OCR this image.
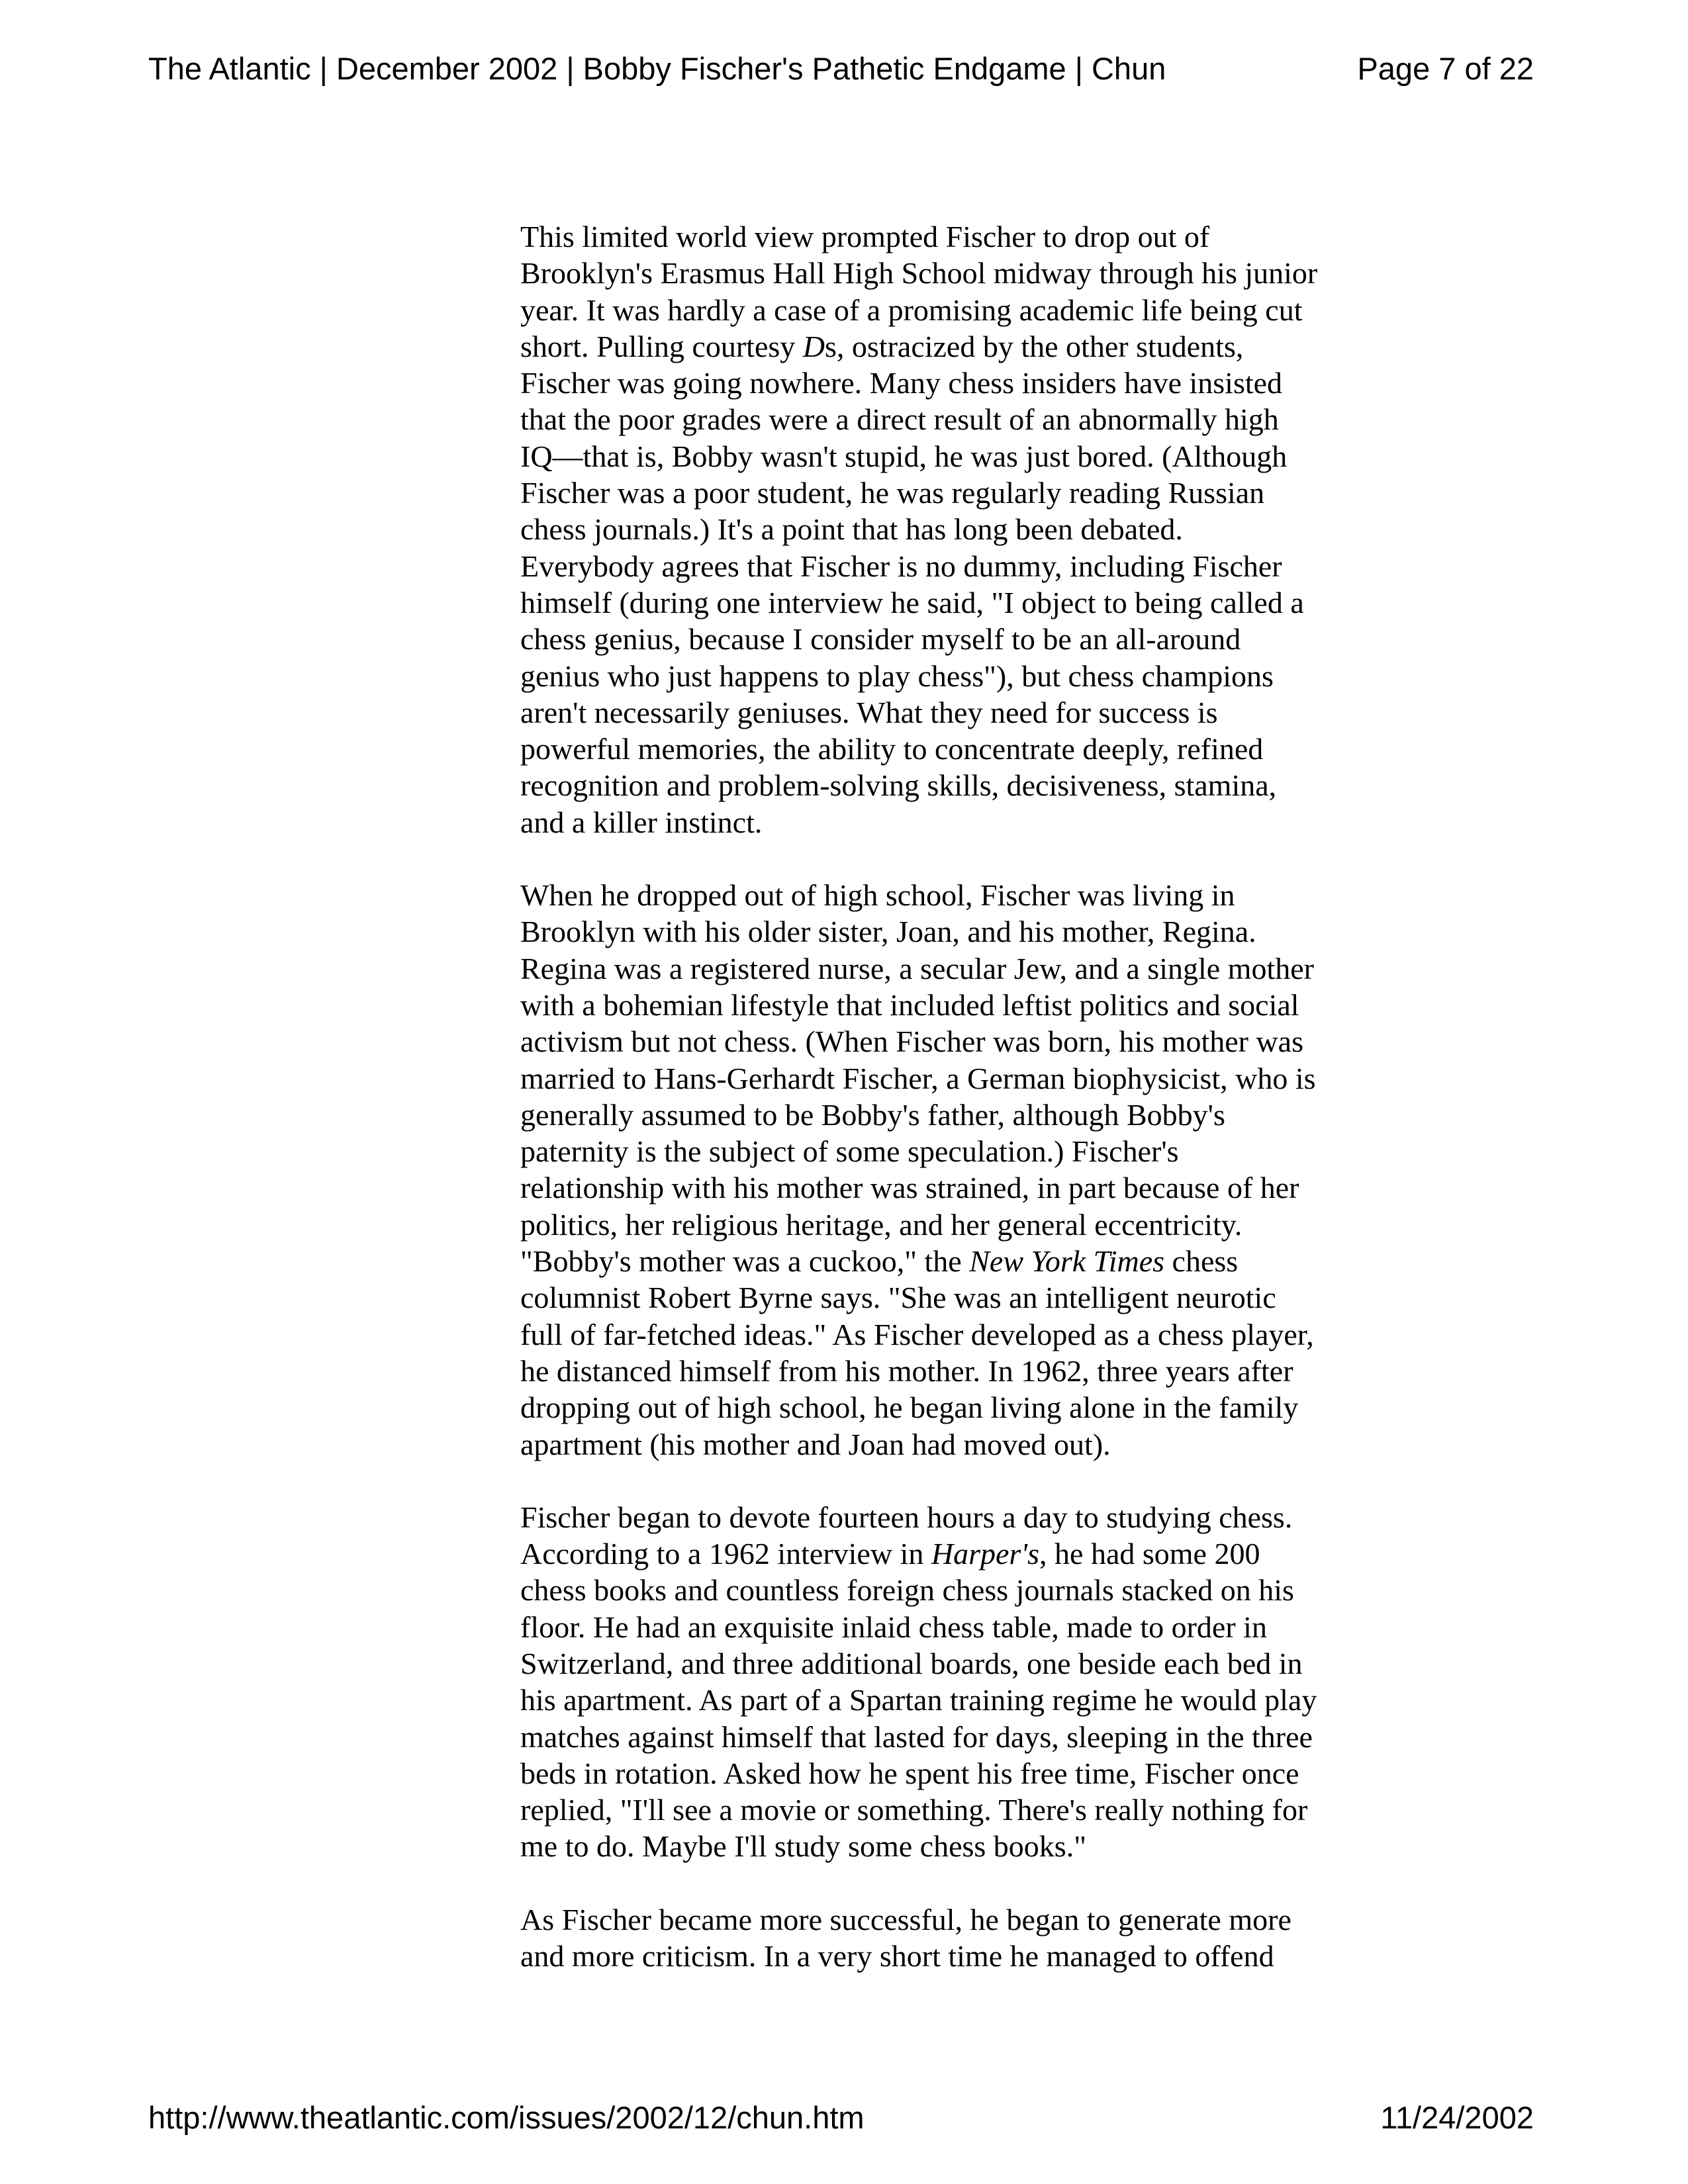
The Atlantic | December 2002 | Bobby Fischer's Pathetic Endgame | Chun	Page 7 of 22

This limited world view prompted Fischer to drop out of
Brooklyn's Erasmus Hall High School midway through his junior
year. It was hardly a case of a promising academic life being cut
short. Pulling courtesy Ds, ostracized by the other students,
Fischer was going nowhere. Many chess insiders have insisted
that the poor grades were a direct result of an abnormally high
IQ—that is, Bobby wasn't stupid, he was just bored. (Although
Fischer was a poor student, he was regularly reading Russian
chess journals.) It's a point that has long been debated.
Everybody agrees that Fischer is no dummy, including Fischer
himself (during one interview he said, "I object to being called a
chess genius, because I consider myself to be an all-around
genius who just happens to play chess"), but chess champions
aren't necessarily geniuses. What they need for success is
powerful memories, the ability to concentrate deeply, refined
recognition and problem-solving skills, decisiveness, stamina,
and a killer instinct.

When he dropped out of high school, Fischer was living in
Brooklyn with his older sister, Joan, and his mother, Regina.
Regina was a registered nurse, a secular Jew, and a single mother
with a bohemian lifestyle that included leftist politics and social
activism but not chess. (When Fischer was born, his mother was
married to Hans-Gerhardt Fischer, a German biophysicist, who is
generally assumed to be Bobby's father, although Bobby's
paternity is the subject of some speculation.) Fischer's
relationship with his mother was strained, in part because of her
politics, her religious heritage, and her general eccentricity.
"Bobby's mother was a cuckoo," the New York Times chess
columnist Robert Byrne says. "She was an intelligent neurotic
full of far-fetched ideas." As Fischer developed as a chess player,
he distanced himself from his mother. In 1962, three years after
dropping out of high school, he began living alone in the family
apartment (his mother and Joan had moved out).

Fischer began to devote fourteen hours a day to studying chess.
According to a 1962 interview in Harper's, he had some 200
chess books and countless foreign chess journals stacked on his
floor. He had an exquisite inlaid chess table, made to order in
Switzerland, and three additional boards, one beside each bed in
his apartment. As part of a Spartan training regime he would play
matches against himself that lasted for days, sleeping in the three
beds in rotation. Asked how he spent his free time, Fischer once
replied, "I'll see a movie or something. There's really nothing for
me to do. Maybe I'll study some chess books."

As Fischer became more successful, he began to generate more
and more criticism. In a very short time he managed to offend

http://www.theatlantic.com/issues/2002/12/chun.htm	11/24/2002
